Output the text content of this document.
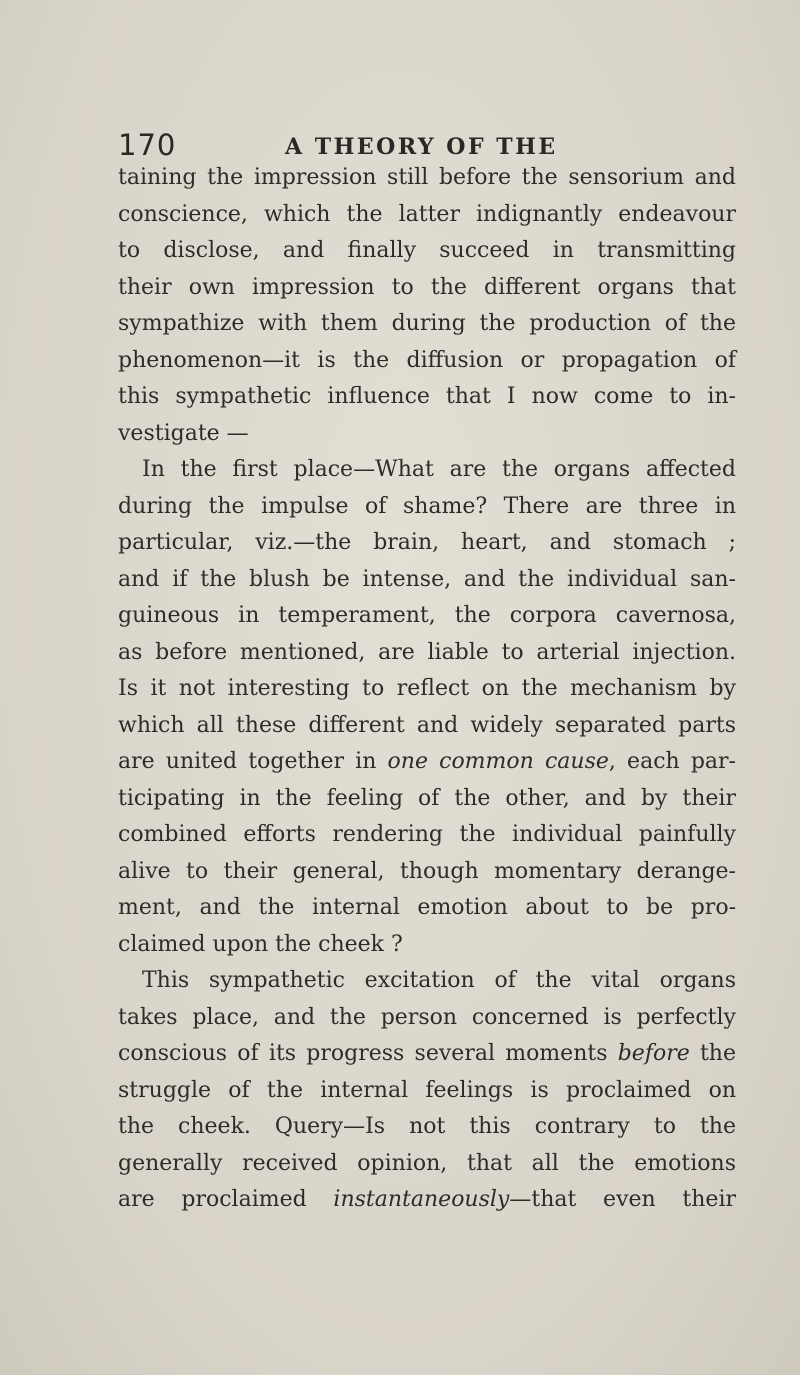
170	A THEORY OF THE
taining the impression still before the sensorium and
conscience, which the latter indignantly endeavour
to disclose, and finally succeed in transmitting
their own impression to the different organs that
sympathize with them during the production of the
phenomenon—it is the diffusion or propagation of
this sympathetic influence that I now come to in-
vestigate —
In the first place—What are the organs affected
during the impulse of shame? There are three in
particular, viz.—the brain, heart, and stomach ;
and if the blush be intense, and the individual san-
guineous in temperament, the corpora cavernosa,
as before mentioned, are liable to arterial injection.
Is it not interesting to reflect on the mechanism by
which all these different and widely separated parts
are united together in one common cause, each par-
ticipating in the feeling of the other, and by their
combined efforts rendering the individual painfully
alive to their general, though momentary derange-
ment, and the internal emotion about to be pro-
claimed upon the cheek ?
This sympathetic excitation of the vital organs
takes place, and the person concerned is perfectly
conscious of its progress several moments before the
struggle of the internal feelings is proclaimed on
the cheek. Query—Is not this contrary to the
generally received opinion, that all the emotions
are proclaimed instantaneously—that even their
